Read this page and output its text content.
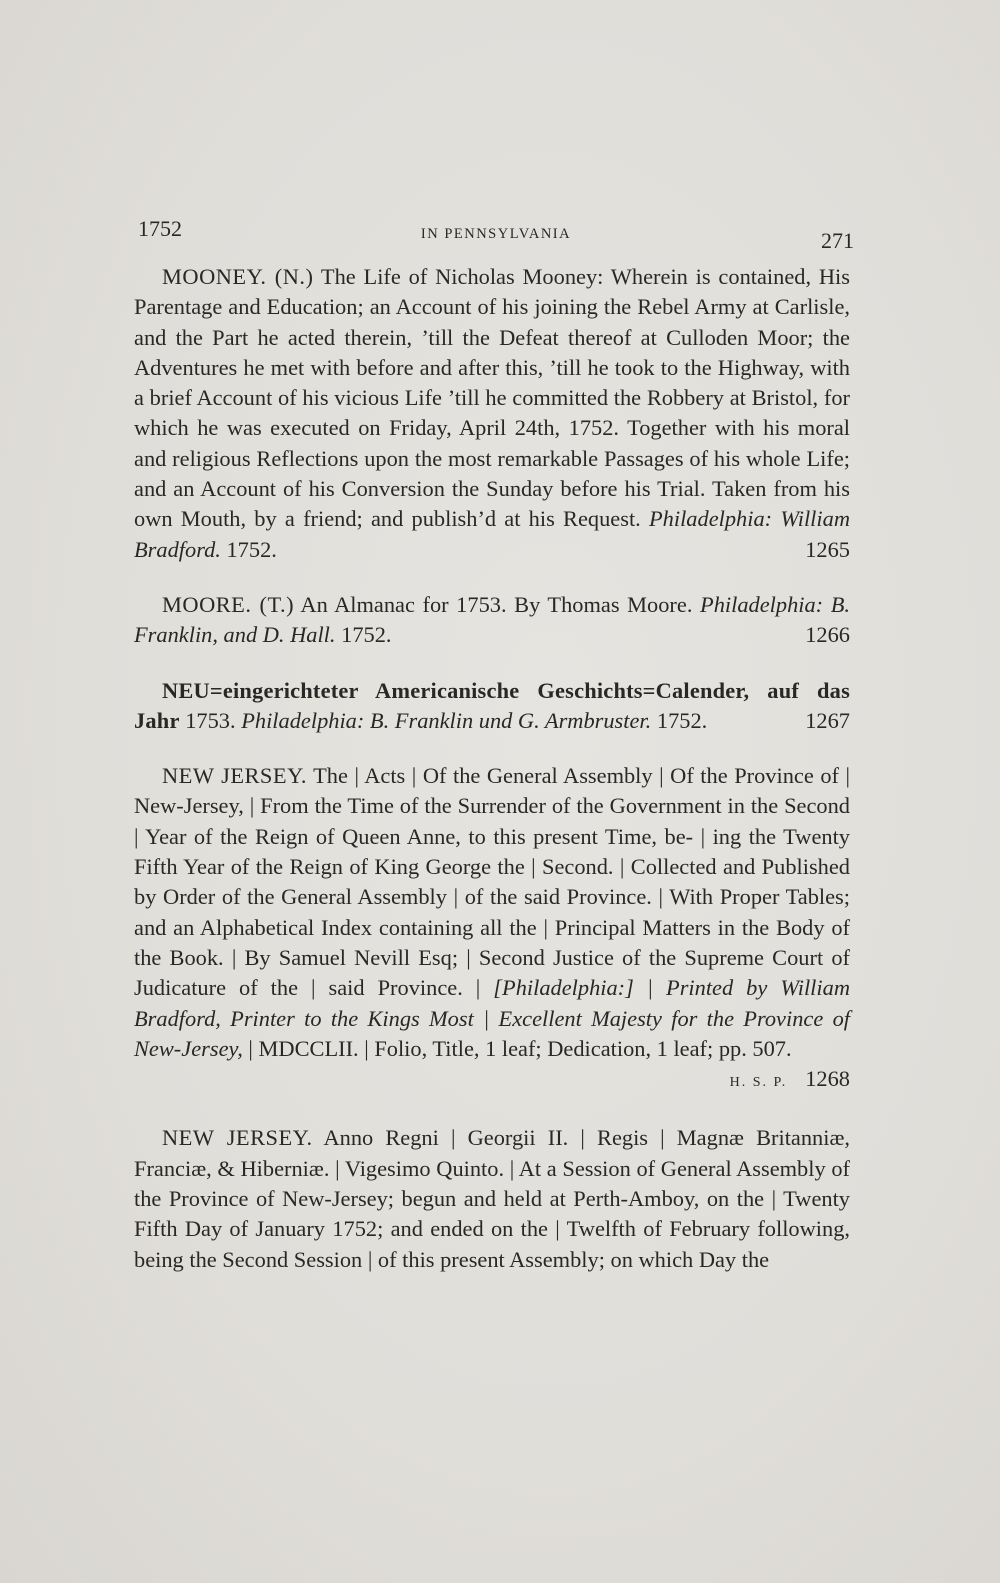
1752	IN PENNSYLVANIA	271

MOONEY. (N.) The Life of Nicholas Mooney: Wherein is contained, His Parentage and Education; an Account of his joining the Rebel Army at Carlisle, and the Part he acted therein, ’till the Defeat thereof at Culloden Moor; the Adventures he met with before and after this, ’till he took to the Highway, with a brief Account of his vicious Life ’till he committed the Robbery at Bristol, for which he was executed on Friday, April 24th, 1752. Together with his moral and religious Reflections upon the most remarkable Passages of his whole Life; and an Account of his Conversion the Sunday before his Trial. Taken from his own Mouth, by a friend; and publish’d at his Request. Philadelphia: William Bradford. 1752.	1265

MOORE. (T.) An Almanac for 1753. By Thomas Moore. Philadelphia: B. Franklin, and D. Hall. 1752.	1266

NEU=eingerichteter Americanische Geschichts=Calender, auf das Jahr 1753. Philadelphia: B. Franklin und G. Armbruster. 1752.	1267

NEW JERSEY. The | Acts | Of the General Assembly | Of the Province of | New-Jersey, | From the Time of the Surrender of the Government in the Second | Year of the Reign of Queen Anne, to this present Time, be- | ing the Twenty Fifth Year of the Reign of King George the | Second. | Collected and Published by Order of the General Assembly | of the said Province. | With Proper Tables; and an Alphabetical Index containing all the | Principal Matters in the Body of the Book. | By Samuel Nevill Esq; | Second Justice of the Supreme Court of Judicature of the | said Province. | [Philadelphia:] | Printed by William Bradford, Printer to the Kings Most | Excellent Majesty for the Province of New-Jersey, | MDCCLII. | Folio, Title, 1 leaf; Dedication, 1 leaf; pp. 507.
H. S. P. 1268

NEW JERSEY. Anno Regni | Georgii II. | Regis | Magnæ Britanniæ, Franciæ, & Hiberniæ. | Vigesimo Quinto. | At a Session of General Assembly of the Province of New-Jersey; begun and held at Perth-Amboy, on the | Twenty Fifth Day of January 1752; and ended on the | Twelfth of February following, being the Second Session | of this present Assembly; on which Day the
